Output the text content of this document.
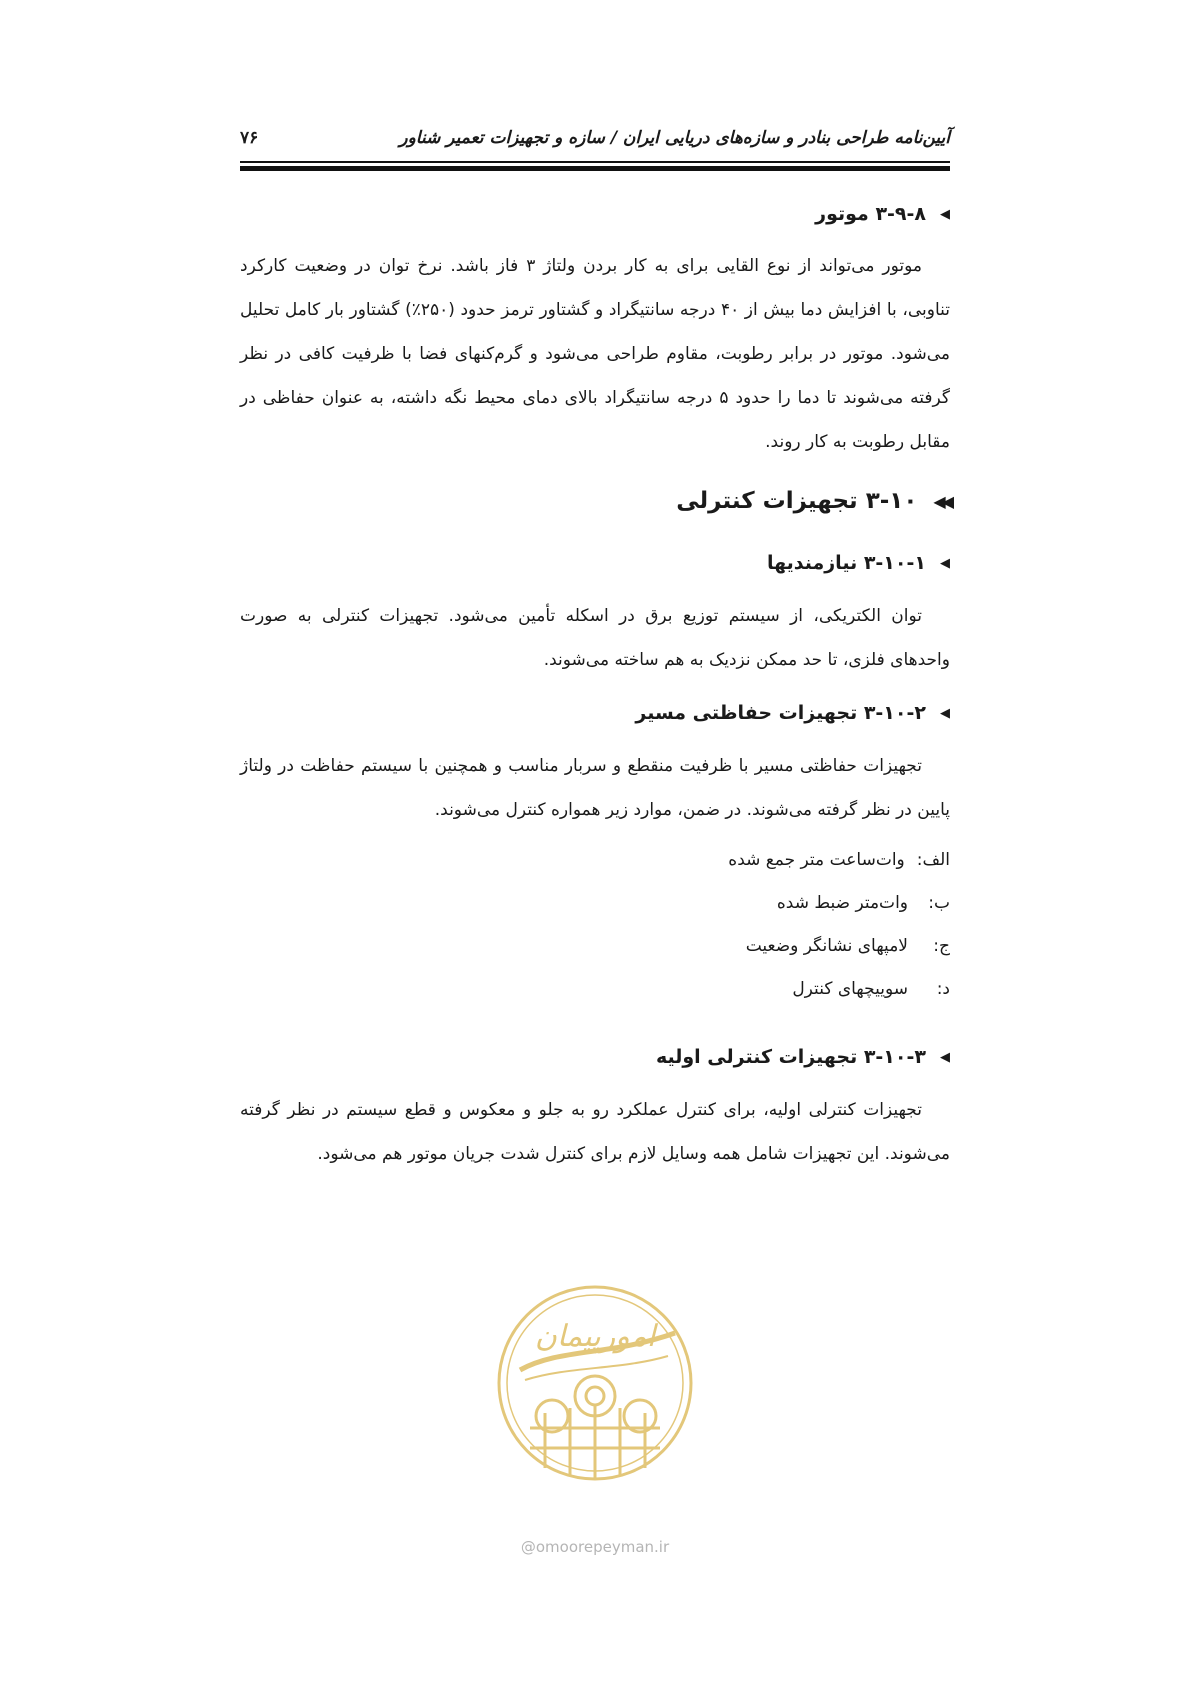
آیین‌نامه طراحی بنادر و سازه‌های دریایی ایران / سازه و تجهیزات تعمیر شناور
۷۶
◀۳-۹-۸ موتور
موتور می‌تواند از نوع القایی برای به کار بردن ولتاژ ۳ فاز باشد. نرخ توان در وضعیت کارکرد تناوبی، با افزایش دما بیش از ۴۰ درجه سانتیگراد و گشتاور ترمز حدود (۲۵۰٪) گشتاور بار کامل تحلیل می‌شود. موتور در برابر رطوبت، مقاوم طراحی می‌شود و گرم‌کنهای فضا با ظرفیت کافی در نظر گرفته می‌شوند تا دما را حدود ۵ درجه سانتیگراد بالای دمای محیط نگه داشته، به عنوان حفاظی در مقابل رطوبت به کار روند.
◀◀۳-۱۰ تجهیزات کنترلی
◀۳-۱۰-۱ نیازمندیها
توان الکتریکی، از سیستم توزیع برق در اسکله تأمین می‌شود. تجهیزات کنترلی به صورت واحدهای فلزی، تا حد ممکن نزدیک به هم ساخته می‌شوند.
◀۳-۱۰-۲ تجهیزات حفاظتی مسیر
تجهیزات حفاظتی مسیر با ظرفیت منقطع و سربار مناسب و همچنین با سیستم حفاظت در ولتاژ پایین در نظر گرفته می‌شوند. در ضمن، موارد زیر همواره کنترل می‌شوند.
الف:وات‌ساعت متر جمع شده
ب:وات‌متر ضبط شده
ج:لامپهای نشانگر وضعیت
د:سوییچهای کنترل
◀۳-۱۰-۳ تجهیزات کنترلی اولیه
تجهیزات کنترلی اولیه، برای کنترل عملکرد رو به جلو و معکوس و قطع سیستم در نظر گرفته می‌شوند. این تجهیزات شامل همه وسایل لازم برای کنترل شدت جریان موتور هم می‌شود.
امورپیمان
@omoorepeyman.ir
